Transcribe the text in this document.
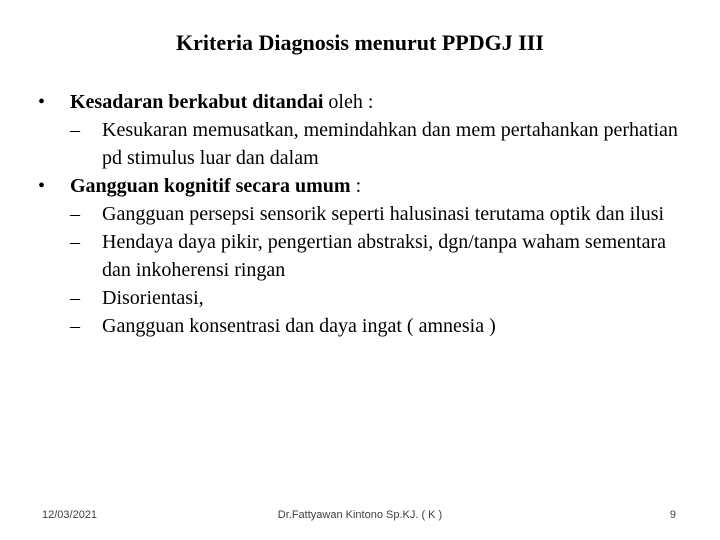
Kriteria Diagnosis menurut PPDGJ III
• Kesadaran berkabut ditandai oleh :
– Kesukaran memusatkan, memindahkan dan mem pertahankan perhatian pd stimulus luar dan dalam
• Gangguan kognitif secara umum :
– Gangguan persepsi sensorik seperti halusinasi terutama optik dan ilusi
– Hendaya daya pikir, pengertian abstraksi, dgn/tanpa waham sementara dan inkoherensi ringan
– Disorientasi,
– Gangguan konsentrasi dan daya ingat ( amnesia )
12/03/2021	Dr.Fattyawan Kintono Sp.KJ. ( K )	9
